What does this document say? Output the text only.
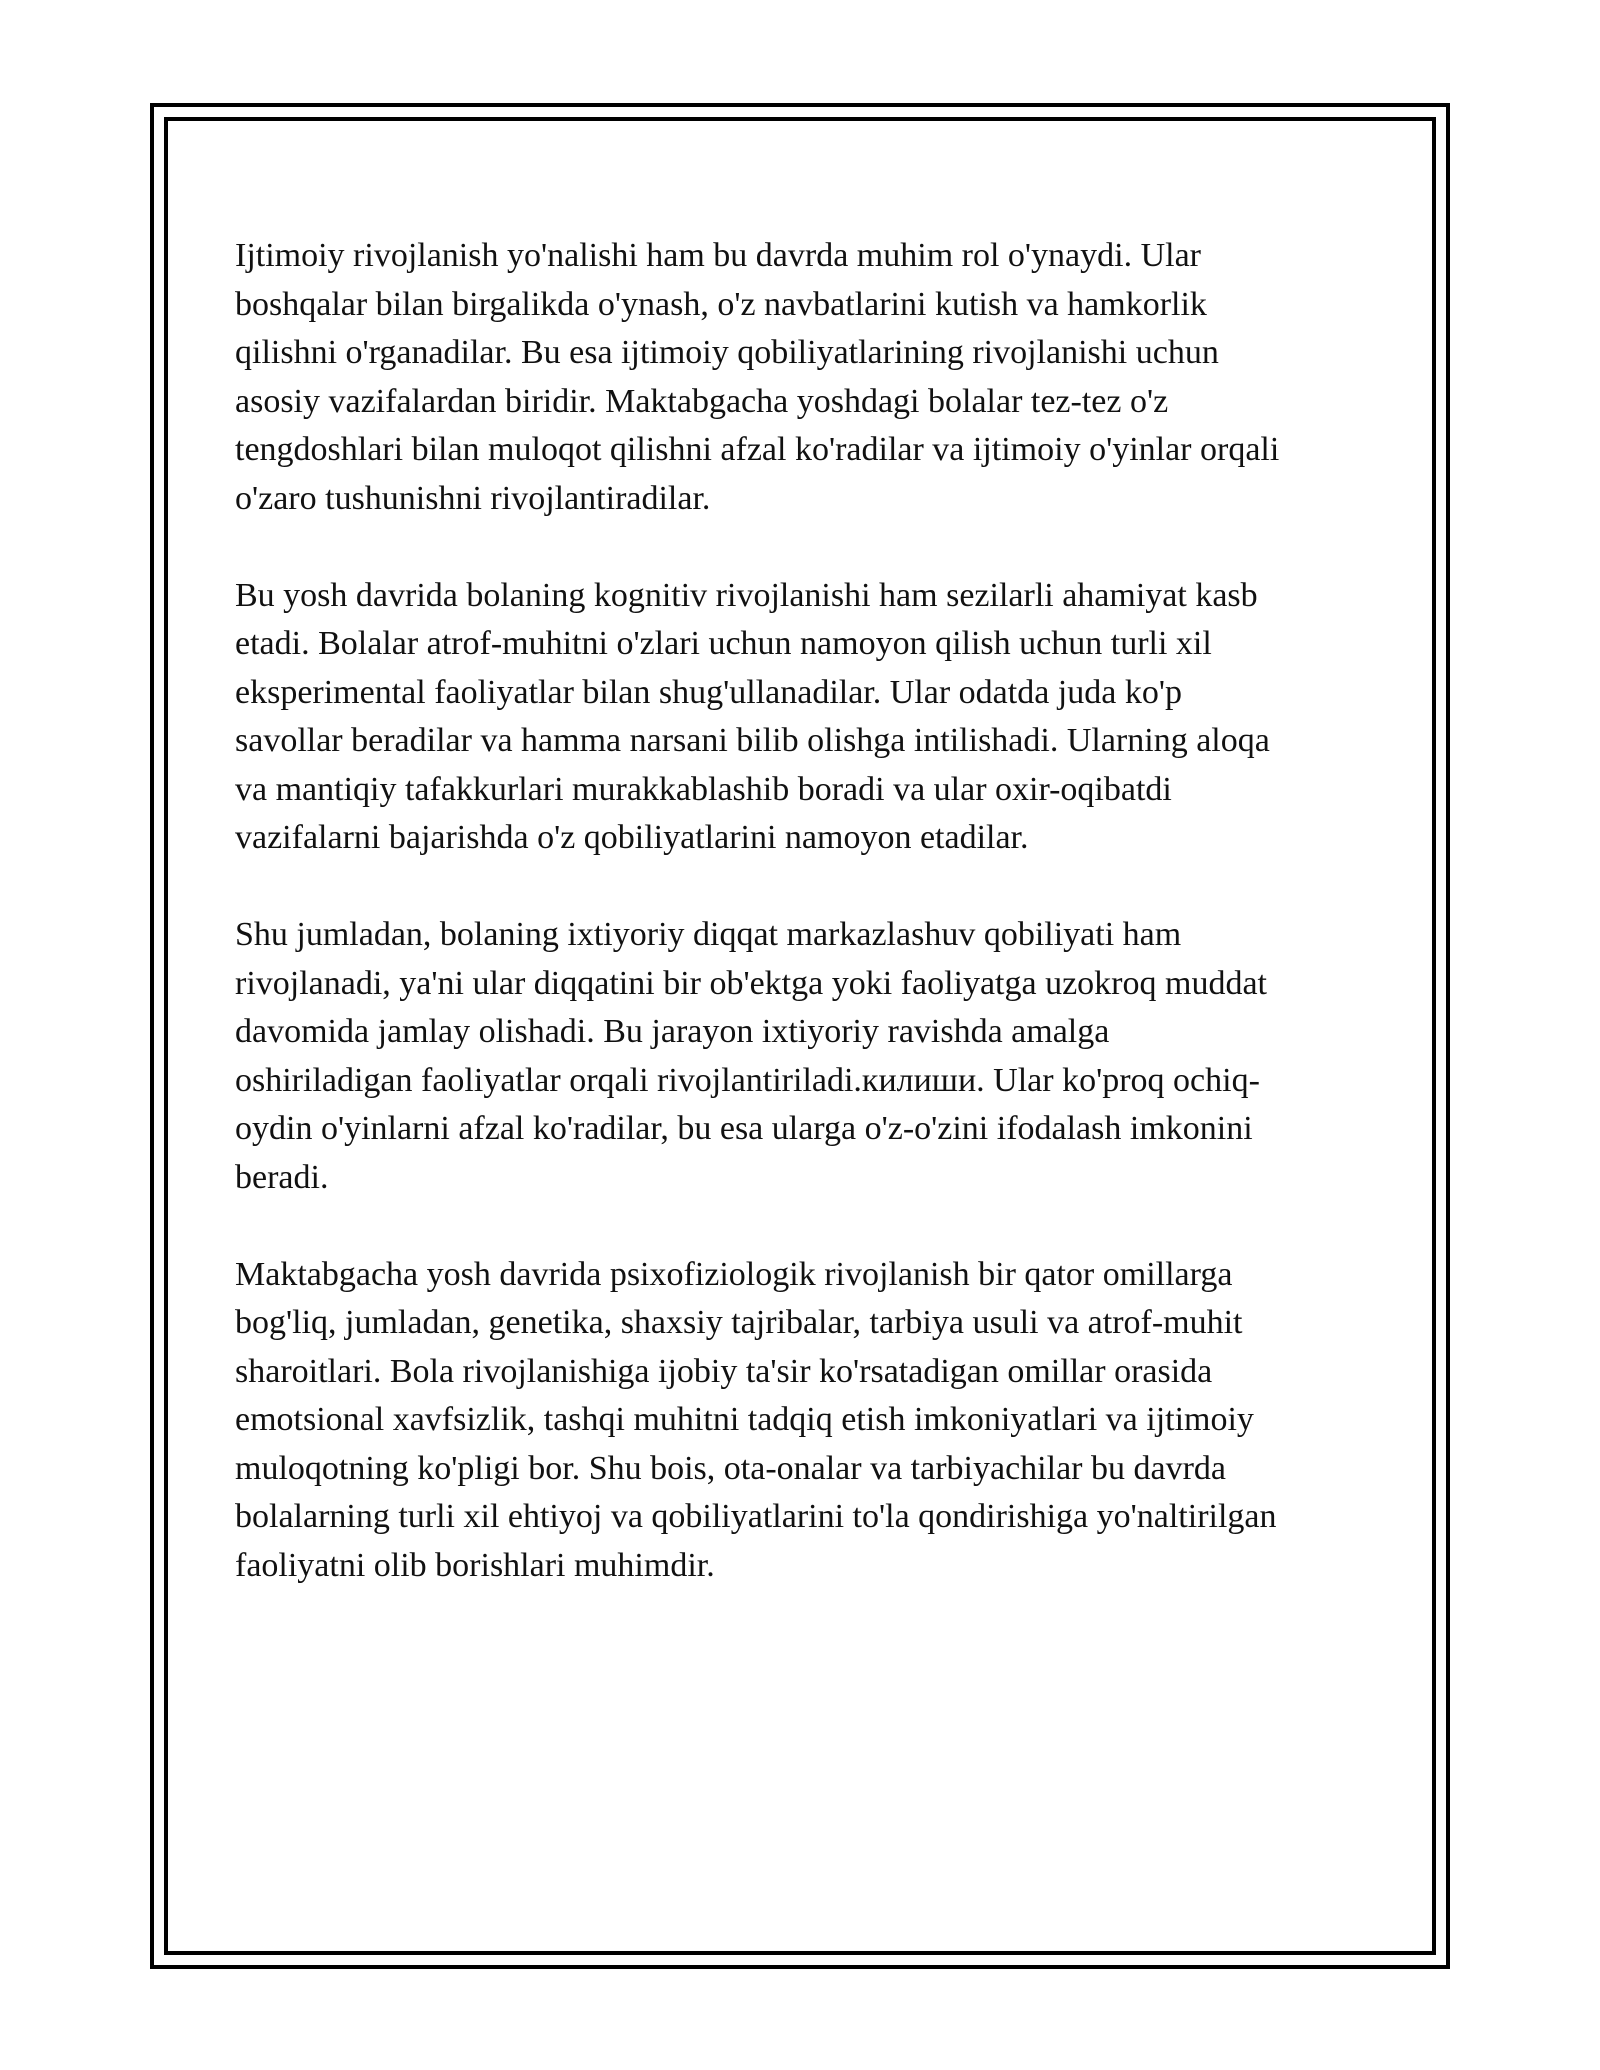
Ijtimoiy rivojlanish yo'nalishi ham bu davrda muhim rol o'ynaydi. Ular
boshqalar bilan birgalikda o'ynash, o'z navbatlarini kutish va hamkorlik
qilishni o'rganadilar. Bu esa ijtimoiy qobiliyatlarining rivojlanishi uchun
asosiy vazifalardan biridir. Maktabgacha yoshdagi bolalar tez-tez o'z
tengdoshlari bilan muloqot qilishni afzal ko'radilar va ijtimoiy o'yinlar orqali
o'zaro tushunishni rivojlantiradilar.

Bu yosh davrida bolaning kognitiv rivojlanishi ham sezilarli ahamiyat kasb
etadi. Bolalar atrof-muhitni o'zlari uchun namoyon qilish uchun turli xil
eksperimental faoliyatlar bilan shug'ullanadilar. Ular odatda juda ko'p
savollar beradilar va hamma narsani bilib olishga intilishadi. Ularning aloqa
va mantiqiy tafakkurlari murakkablashib boradi va ular oxir-oqibatdi
vazifalarni bajarishda o'z qobiliyatlarini namoyon etadilar.

Shu jumladan, bolaning ixtiyoriy diqqat markazlashuv qobiliyati ham
rivojlanadi, ya'ni ular diqqatini bir ob'ektga yoki faoliyatga uzokroq muddat
davomida jamlay olishadi. Bu jarayon ixtiyoriy ravishda amalga
oshiriladigan faoliyatlar orqali rivojlantiriladi.килиши. Ular ko'proq ochiq-
oydin o'yinlarni afzal ko'radilar, bu esa ularga o'z-o'zini ifodalash imkonini
beradi.

Maktabgacha yosh davrida psixofiziologik rivojlanish bir qator omillarga
bog'liq, jumladan, genetika, shaxsiy tajribalar, tarbiya usuli va atrof-muhit
sharoitlari. Bola rivojlanishiga ijobiy ta'sir ko'rsatadigan omillar orasida
emotsional xavfsizlik, tashqi muhitni tadqiq etish imkoniyatlari va ijtimoiy
muloqotning ko'pligi bor. Shu bois, ota-onalar va tarbiyachilar bu davrda
bolalarning turli xil ehtiyoj va qobiliyatlarini to'la qondirishiga yo'naltirilgan
faoliyatni olib borishlari muhimdir.
